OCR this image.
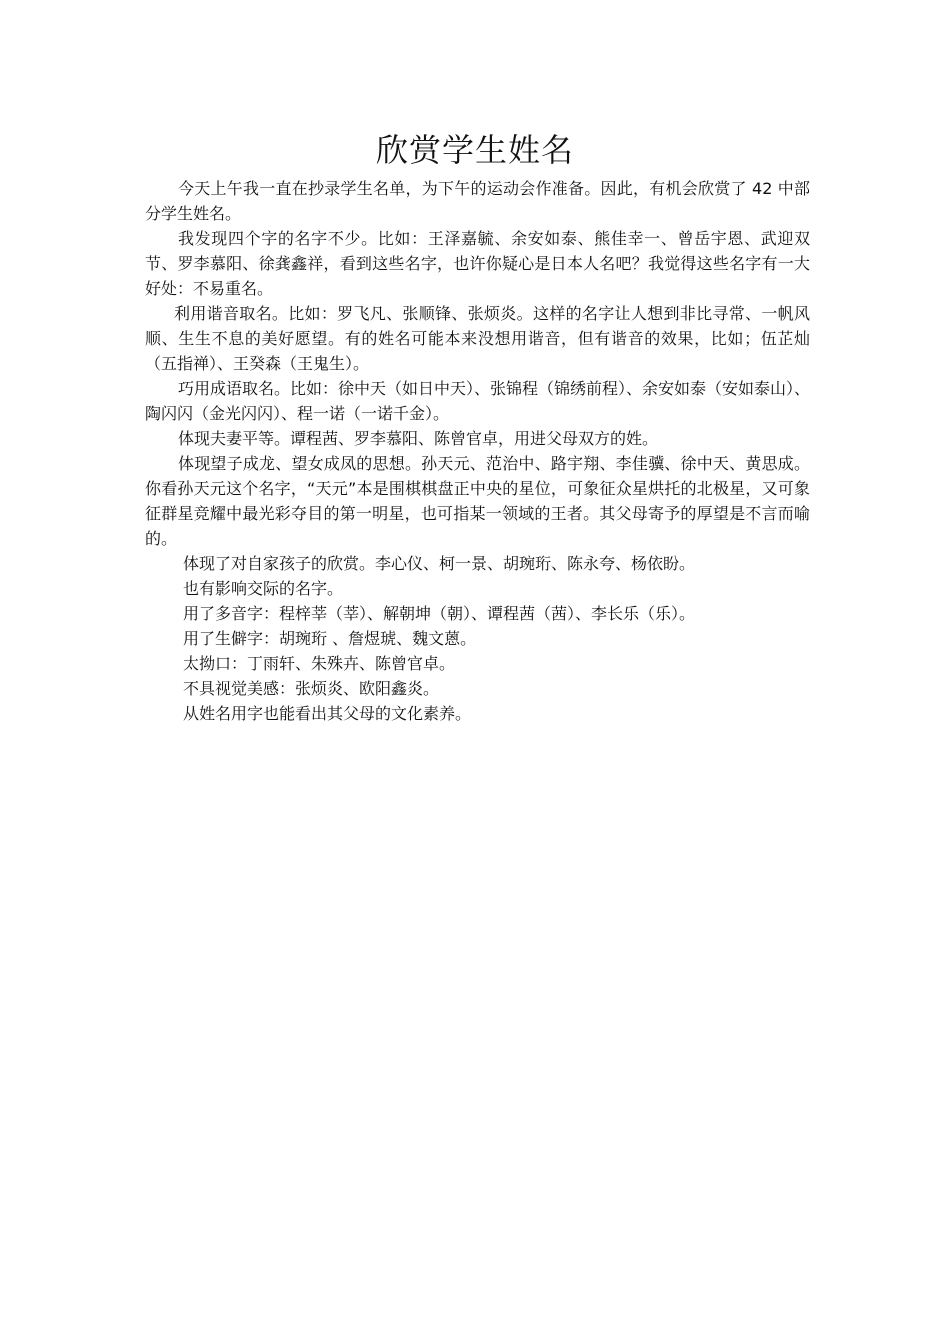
欣赏学生姓名

今天上午我一直在抄录学生名单，为下午的运动会作准备。因此，有机会欣赏了 42 中部分学生姓名。

我发现四个字的名字不少。比如：王泽嘉毓、余安如泰、熊佳幸一、曾岳宇恩、武迎双节、罗李慕阳、徐龚鑫祥，看到这些名字，也许你疑心是日本人名吧？我觉得这些名字有一大好处：不易重名。

利用谐音取名。比如：罗飞凡、张顺锋、张烦炎。这样的名字让人想到非比寻常、一帆风顺、生生不息的美好愿望。有的姓名可能本来没想用谐音，但有谐音的效果，比如；伍芷灿（五指禅）、王癸森（王鬼生）。

巧用成语取名。比如：徐中天（如日中天）、张锦程（锦绣前程）、余安如泰（安如泰山）、陶闪闪（金光闪闪）、程一诺（一诺千金）。

体现夫妻平等。谭程茜、罗李慕阳、陈曾官卓，用进父母双方的姓。

体现望子成龙、望女成凤的思想。孙天元、范治中、路宇翔、李佳骥、徐中天、黄思成。你看孙天元这个名字，“天元”本是围棋棋盘正中央的星位，可象征众星烘托的北极星，又可象征群星竞耀中最光彩夺目的第一明星，也可指某一领域的王者。其父母寄予的厚望是不言而喻的。

体现了对自家孩子的欣赏。李心仪、柯一景、胡琬珩、陈永夸、杨依盼。

也有影响交际的名字。

用了多音字：程梓莘（莘）、解朝坤（朝）、谭程茜（茜）、李长乐（乐）。

用了生僻字：胡琬珩 、詹煜琥、魏文蒽。

太拗口：丁雨轩、朱殊卉、陈曾官卓。

不具视觉美感：张烦炎、欧阳鑫炎。

从姓名用字也能看出其父母的文化素养。
